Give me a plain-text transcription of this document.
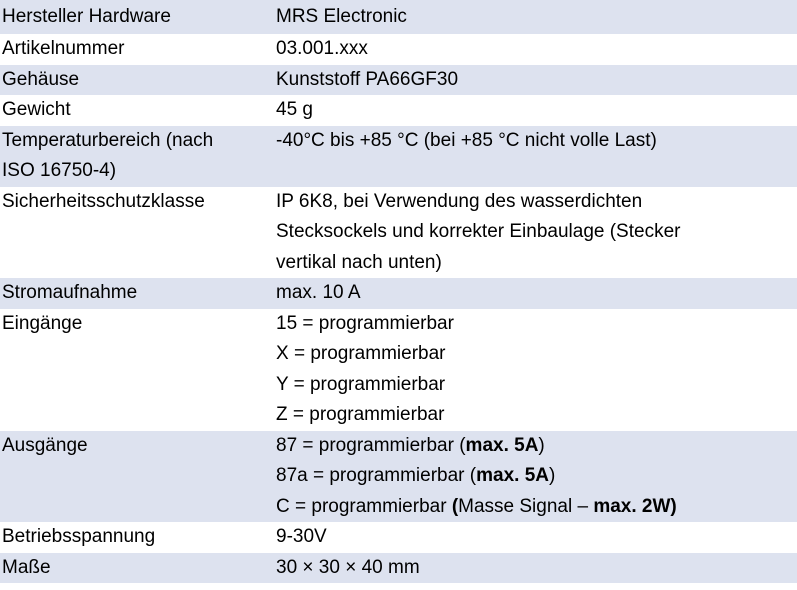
Hersteller Hardware	MRS Electronic

Artikelnummer	03.001.xxx

Gehäuse	Kunststoff PA66GF30

Gewicht	45 g

Temperaturbereich (nach
ISO 16750-4)	-40°C bis +85 °C (bei +85 °C nicht volle Last)

Sicherheitsschutzklasse	IP 6K8, bei Verwendung des wasserdichten
Stecksockels und korrekter Einbaulage (Stecker
vertikal nach unten)

Stromaufnahme	max. 10 A

Eingänge	15 = programmierbar
X = programmierbar
Y = programmierbar
Z = programmierbar

Ausgänge	87 = programmierbar (max. 5A)
87a = programmierbar (max. 5A)
C = programmierbar (Masse Signal – max. 2W)

Betriebsspannung	9-30V

Maße	30 × 30 × 40 mm
